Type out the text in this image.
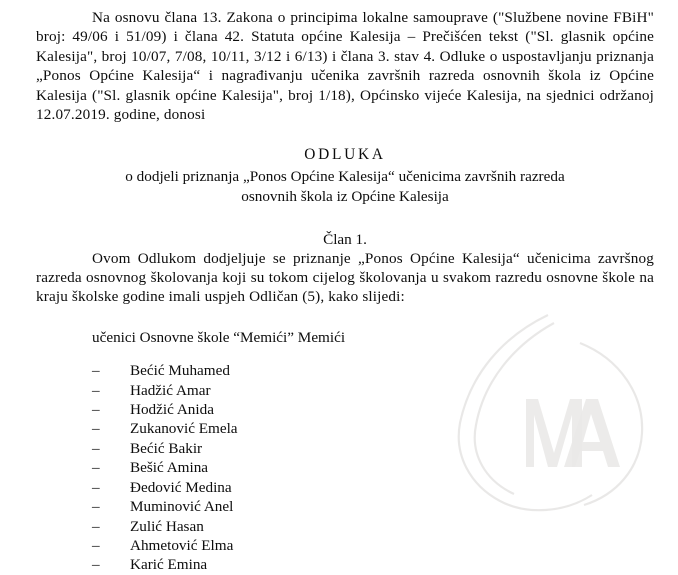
Na osnovu člana 13. Zakona o principima lokalne samouprave ("Službene novine FBiH" broj: 49/06 i 51/09) i člana 42. Statuta općine Kalesija – Prečišćen tekst ("Sl. glasnik općine Kalesija", broj 10/07, 7/08, 10/11, 3/12 i 6/13) i člana 3. stav 4. Odluke o uspostavljanju priznanja „Ponos Općine Kalesija“ i nagrađivanju učenika završnih razreda osnovnih škola iz Općine Kalesija ("Sl. glasnik općine Kalesija", broj 1/18), Općinsko vijeće Kalesija, na sjednici održanoj 12.07.2019. godine, donosi

ODLUKA
o dodjeli priznanja „Ponos Općine Kalesija“ učenicima završnih razreda
osnovnih škola iz Općine Kalesija
Član 1.

Ovom Odlukom dodjeljuje se priznanje „Ponos Općine Kalesija“ učenicima završnog razreda osnovnog školovanja koji su tokom cijelog školovanja u svakom razredu osnovne škole na kraju školske godine imali uspjeh Odličan (5), kako slijedi:

učenici Osnovne škole “Memići” Memići
–	Bećić Muhamed
–	Hadžić Amar
–	Hodžić Anida
–	Zukanović Emela
–	Bećić Bakir
–	Bešić Amina
–	Đedović Medina
–	Muminović Anel
–	Zulić Hasan
–	Ahmetović Elma
–	Karić Emina
